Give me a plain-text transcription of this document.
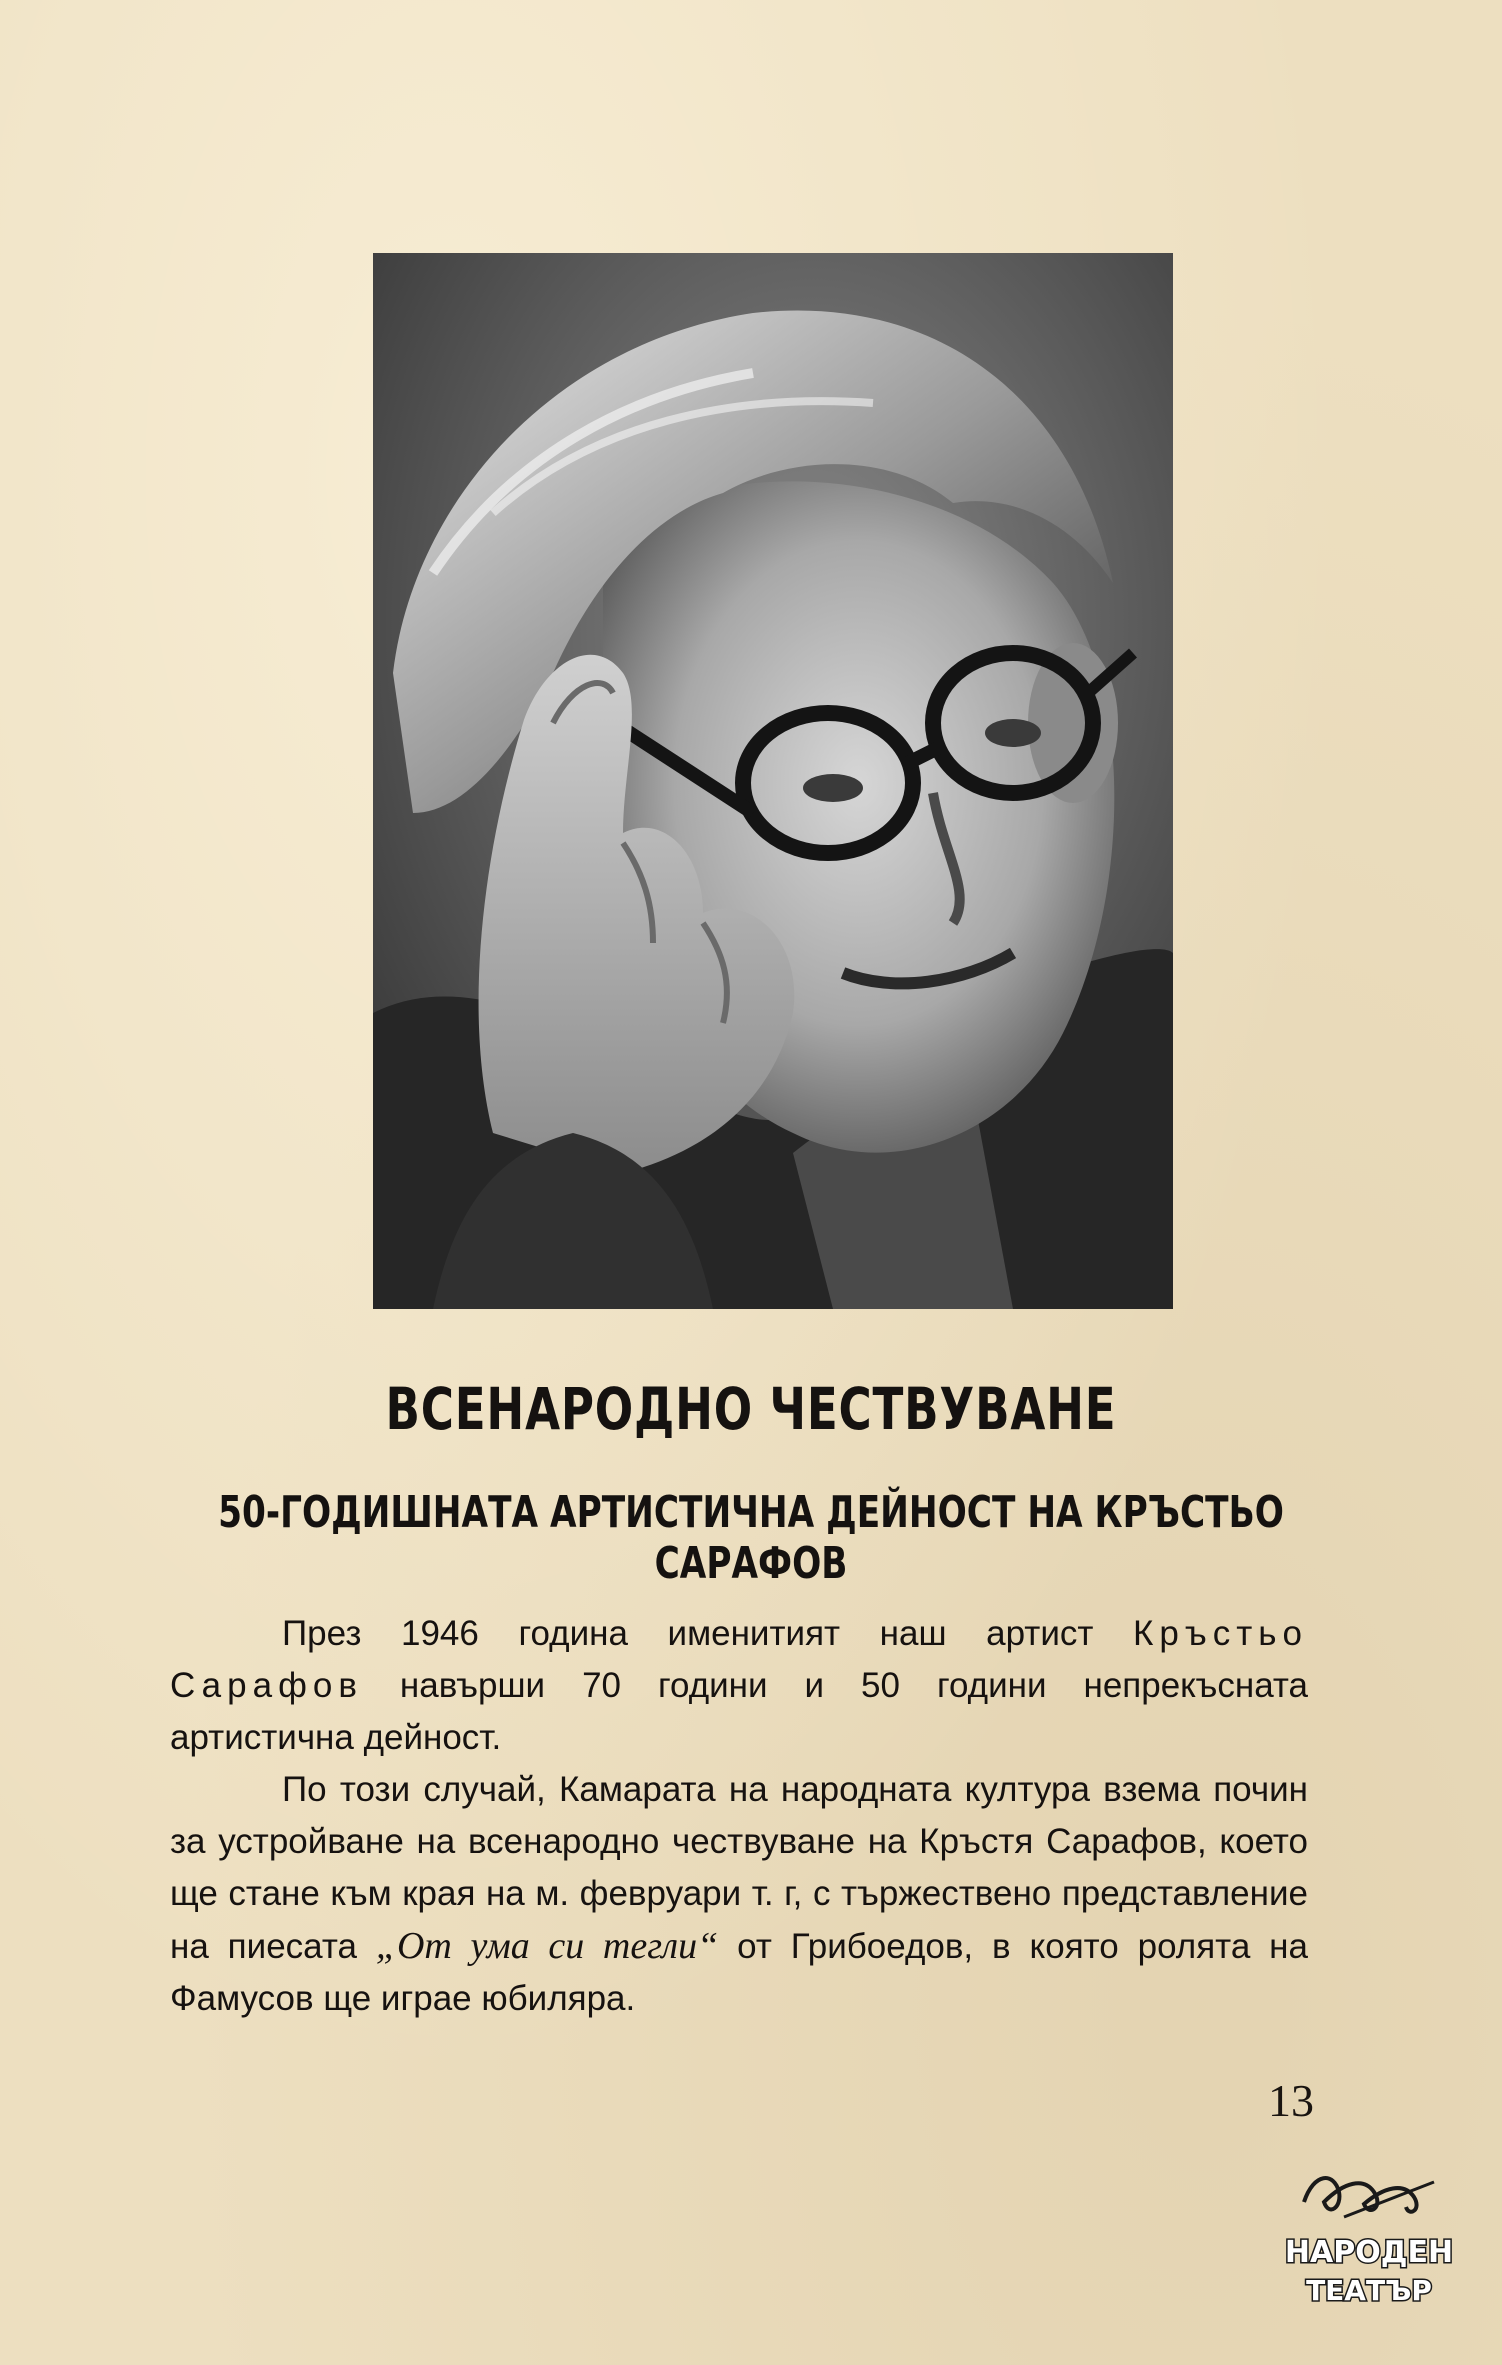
ВСЕНАРОДНО ЧЕСТВУВАНЕ
50-ГОДИШНАТА АРТИСТИЧНА ДЕЙНОСТ НА КРЪСТЬО САРАФОВ

През 1946 година именитият наш артист Кръстьо Сарафов навърши 70 години и 50 години непрекъсната артистична дейност.

По този случай, Камарата на народната култура взема почин за устройване на всенародно чествуване на Кръстя Сарафов, което ще стане към края на м. февруари т. г, с тържествено представление на пиесата „От ума си тегли“ от Грибоедов, в която ролята на Фамусов ще играе юбиляра.

13
НАРОДЕН
ТЕАТЪР
